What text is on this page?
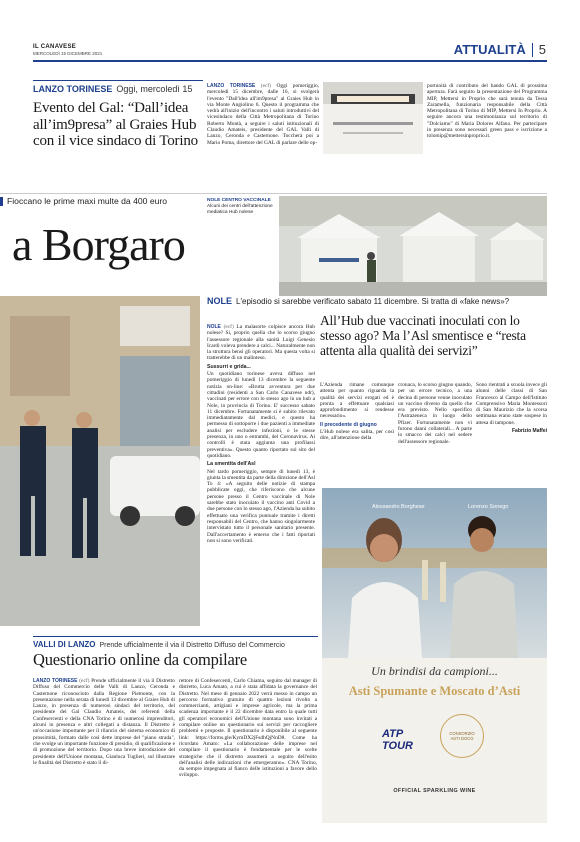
IL CANAVESE
MERCOLEDÌ 15 DICEMBRE 2021	ATTUALITÀ 5
LANZO TORINESE Oggi, mercoledì 15
Evento del Gal: “Dall’idea all’im9presa” al Graies Hub con il vice sindaco di Torino
LANZO TORINESE (ecf) Oggi pomeriggio, mercoledì 15 dicembre, dalle 16, si svolgerà l'evento "Dall'idea all'im9presa" al Graies Hub in via Monte Angiolino 6. Questo il programma che vedrà all'inizio dell'incontro i saluti introduttivi del vicesindaco della Città Metropolitana di Torino Roberto Montà, a seguire i saluti istituzionali di Claudio Amateis, presidente del GAL Valli di Lanzo, Ceronda e Casternone. Toccherà poi a Mario Poma, direttore del GAL di parlare delle op-
portunità di contributo del bando GAL di prossima apertura. Farà seguito la presentazione del Programma MIP, Mettersi in Proprio che sarà tenuta da Tessa Zaramella, funzionaria responsabile della Città Metropolitana di Torino di MIP, Mettersi In Proprio. A seguire ancora una testimonianza sul territorio di "Dolciamo" di Maria Dolores Alfano. Per partecipare in presenza sono necessari green pass e iscrizione a tolomip@mettersinproprio.it.
Fioccano le prime maxi multe da 400 euro
a Borgaro
NOLE CENTRO VACCINALE
Alcuni dei centri dell'attenzione mediatica Hub nolese
NOLE L'episodio si sarebbe verificato sabato 11 dicembre. Si tratta di «fake news»?
All’Hub due vaccinati inoculati con lo stesso ago? Ma l’Asl smentisce e “resta attenta alla qualità dei servizi”
NOLE (ecf) La malasorte colpisce ancora Hub nolese? Si, proprio quella che lo scorso giugno l'assessore regionale alla sanità Luigi Genesio Icardi voleva prendere a calci... Naturalmente non la struttura bensì gli operatori. Ma questa volta si tratterebbe di un malinteso.
Sussurri e grida...
Un quotidiano torinese aveva diffuso nel pomeriggio di lunedì 13 dicembre la seguente notizia on-line: «Brutta avventura per due cittadini (residenti a San Carlo Canavese ndr), vaccinati per errore con lo stesso ago in un hub a Nole, in provincia di Torino. E' successo sabato 11 dicembre. Fortunatamente si è subito rilevato immediatamente dal medici, e questo ha permesso di sottoporre i due pazienti a immediate analisi per escludere infezioni, o le stesse presenza, in uno o entrambi, del Coronavirus. Ai controlli è stata aggiunta una profilassi preventiva». Questo quanto riportato sul sito del quotidiano.
La smentita dell'Asl
Nel tardo pomeriggio, sempre di lunedì 13, è giunta la smentita da parte della direzione dell'Asl To 4: «A seguito delle notizie di stampa pubblicate oggi, che riferiscono che alcune persone presso il Centro vaccinale di Nole sarebbe stato inoculato il vaccino anti Covid a due persone con lo stesso ago, l'Azienda ha subito effettuato una verifica puntuale tramite i diretti responsabili del Centro, che hanno singolarmente intervistato tutto il personale sanitario presente. Dall'accertamento è emerso che i fatti riportati non si sono verificati.
L'Azienda rimane comunque attenta per quanto riguarda la qualità dei servizi erogati ed è pronta a effettuare qualsiasi approfondimento si rendesse necessario».
Il precedente di giugno
L'Hub nolese era salita, per così dire, all'attenzione della
cronaca, lo scorso giugno quando, per un errore tecnico, a una decina di persone venne inoculato un vaccino diverso da quello che era previsto. Nello specifico l'Astrazeneca in luogo dello Pfizer. Fortunatamente non vi furono danni collaterali... A parte lo smacco dei calci nel sedere dell'assessore regionale.
Sono rientrati a scuola invece gli alunni delle classi di San Francesco al Campo dell'Istituto Comprensivo Maria Montessori di San Maurizio che la scorsa settimana erano state sospese in attesa di tampone.
Fabrizio Maffei
Alessandro Borghese	Lorenzo Sonego
Un brindisi da campioni...
Asti Spumante e Moscato d’Asti
ATP TOUR
CONSORZIO ASTI DOCG
OFFICIAL SPARKLING WINE
VALLI DI LANZO Prende ufficialmente il via il Distretto Diffuso del Commercio
Questionario online da compilare
LANZO TORINESE (ecf) Prende ufficialmente il via il Distretto Diffuso del Commercio delle Valli di Lanzo, Ceronda e Casternone riconosciuto dalla Regione Piemonte, con la presentazione nella serata di lunedì 13 dicembre al Graies Hub di Lanzo, in presenza di numerosi sindaci del territorio, del presidente del Gal Claudio Amateis, dei referenti della Confesercenti e della CNA Torino e di numerosi imprenditori, alcuni in presenza e altri collegati a distanza. Il Distretto è un'occasione importante per il rilancio del sistema economico di prossimità, formato dalle così dette imprese del "piano strada", che svolge un importante funzione di presidio, di qualificazione e di promozione del territorio. Dopo una breve introduzione del presidente dell'Unione montana, Gianluca Tuglieri, sul illustrare le finalità del Distretto è stato il di-
rettore di Confesercenti, Carlo Chiama, seguito dal manager di distretto, Luca Amato, a cui è stata affidata la governance del Distretto. Nel mese di gennaio 2022 verrà messo in campo un percorso formativo gratuito di quattro lezioni rivolto a commercianti, artigiani e imprese agricole, ma la prima scadenza importante è il 22 dicembre data entro la quale tutti gli operatori economici dell'Unione montana sono invitati a compilare online un questionario sui servizi per raccogliere problemi e proposte. Il questionario è disponibile al seguente link: https://forms.gle/KymDX2jFsdhQjNnD8. Come ha ricordato Amato: «La collaborazione delle imprese nel compilare il questionario è fondamentale per le scelte strategiche che il distretto assumerà a seguito dell'esito dell'analisi delle indicazioni che emergeranno». CNA Torino, da sempre impegnata al fianco delle istituzioni a favore dello sviluppo.
